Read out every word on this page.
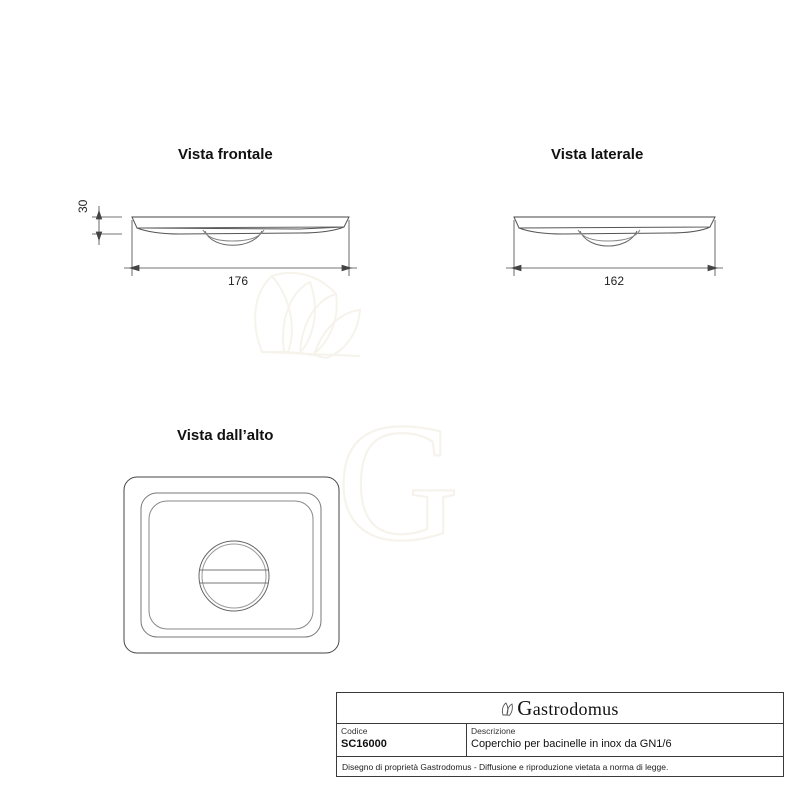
G
Vista frontale	Vista laterale
Vista dall’alto
176
30
162
Gastrodomus
Codice
SC16000
Descrizione
Coperchio per bacinelle in inox da GN1/6
Disegno di proprietà Gastrodomus - Diffusione e riproduzione vietata a norma di legge.
